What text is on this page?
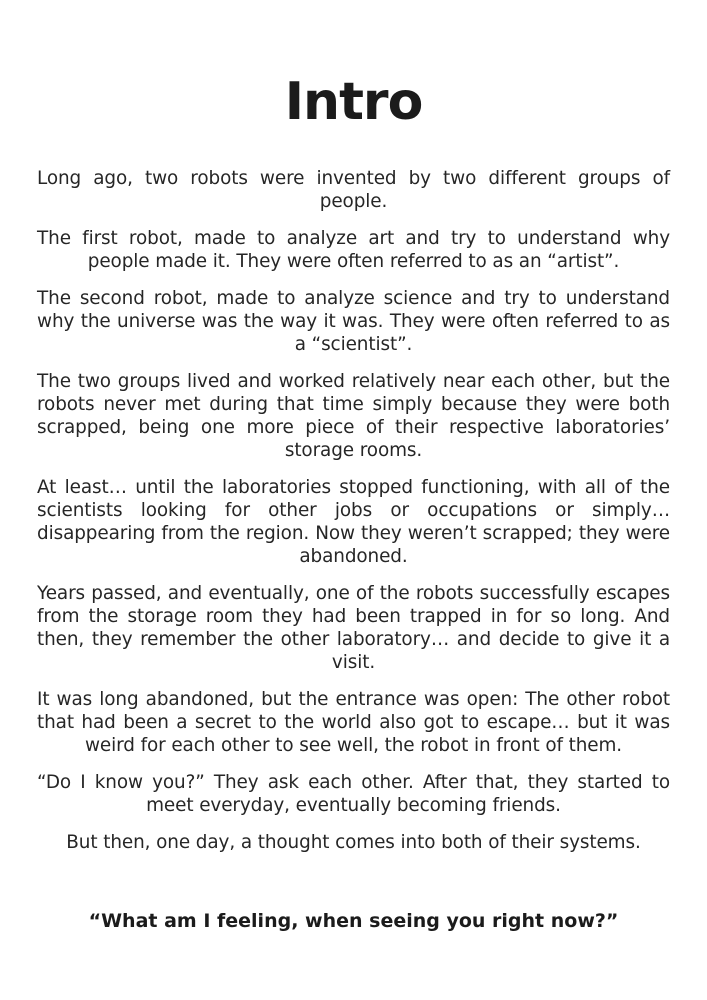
Intro

Long ago, two robots were invented by two different groups of people.

The first robot, made to analyze art and try to understand why people made it. They were often referred to as an “artist”.

The second robot, made to analyze science and try to understand why the universe was the way it was. They were often referred to as a “scientist”.

The two groups lived and worked relatively near each other, but the robots never met during that time simply because they were both scrapped, being one more piece of their respective laboratories’ storage rooms.

At least… until the laboratories stopped functioning, with all of the scientists looking for other jobs or occupations or simply… disappearing from the region. Now they weren’t scrapped; they were abandoned.

Years passed, and eventually, one of the robots successfully escapes from the storage room they had been trapped in for so long. And then, they remember the other laboratory… and decide to give it a visit.

It was long abandoned, but the entrance was open: The other robot that had been a secret to the world also got to escape… but it was weird for each other to see well, the robot in front of them.

“Do I know you?” They ask each other. After that, they started to meet everyday, eventually becoming friends.

But then, one day, a thought comes into both of their systems.

“What am I feeling, when seeing you right now?”
